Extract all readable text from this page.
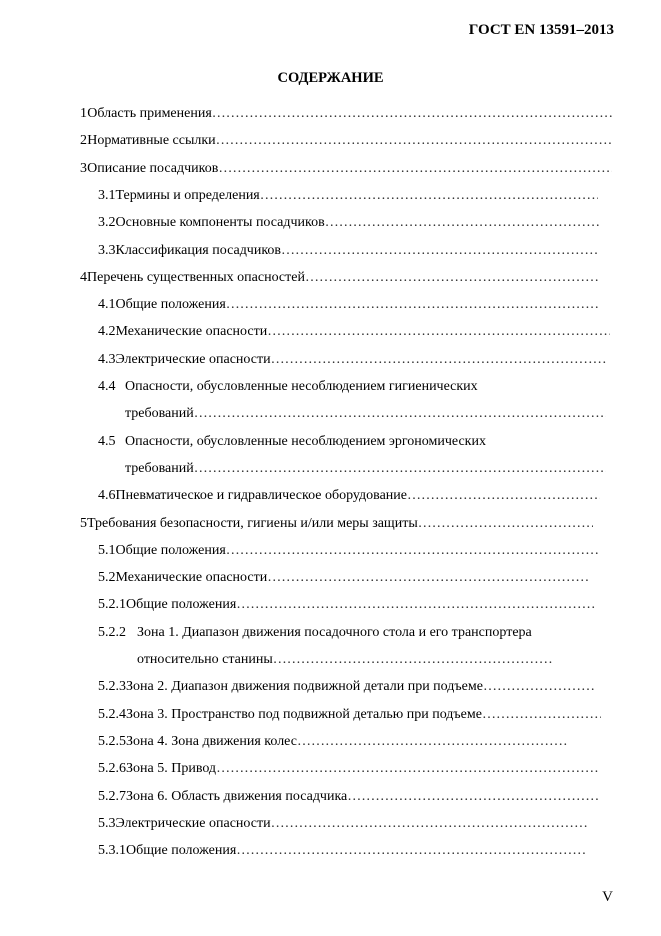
ГОСТ EN 13591–2013
СОДЕРЖАНИЕ
1 Область применения
…………………………………………………………………………………………………………………………………………………
2 Нормативные ссылки
…………………………………………………………………………………………………………………………………………………
3 Описание посадчиков
…………………………………………………………………………………………………………………………………………………
3.1 Термины и определения
…………………………………………………………………………………………………………………………………………………
3.2 Основные компоненты посадчиков
…………………………………………………………………………………………………………………………………………………
3.3 Классификация посадчиков
…………………………………………………………………………………………………………………………………………………
4 Перечень существенных опасностей
…………………………………………………………………………………………………………………………………………………
4.1 Общие положения
…………………………………………………………………………………………………………………………………………………
4.2 Механические опасности
…………………………………………………………………………………………………………………………………………………
4.3 Электрические опасности
…………………………………………………………………………………………………………………………………………………
4.4 Опасности, обусловленные несоблюдением гигиенических
требований
…………………………………………………………………………………………………………………………………………………
4.5 Опасности, обусловленные несоблюдением эргономических
требований
…………………………………………………………………………………………………………………………………………………
4.6 Пневматическое и гидравлическое оборудование
…………………………………………………………………………………………………………………………………………………
5 Требования безопасности, гигиены и/или меры защиты
…………………………………………………………………………………………………………………………………………………
5.1 Общие положения
…………………………………………………………………………………………………………………………………………………
5.2 Механические опасности
…………………………………………………………………………………………………………………………………………………
5.2.1 Общие положения
…………………………………………………………………………………………………………………………………………………
5.2.2 Зона 1. Диапазон движения посадочного стола и его транспортера
относительно станины
…………………………………………………………………………………………………………………………………………………
5.2.3 Зона 2. Диапазон движения подвижной детали при подъеме
…………………………………………………………………………………………………………………………………………………
5.2.4 Зона 3. Пространство под подвижной деталью при подъеме
…………………………………………………………………………………………………………………………………………………
5.2.5 Зона 4. Зона движения колес
…………………………………………………………………………………………………………………………………………………
5.2.6 Зона 5. Привод
…………………………………………………………………………………………………………………………………………………
5.2.7 Зона 6. Область движения посадчика
…………………………………………………………………………………………………………………………………………………
5.3 Электрические опасности
…………………………………………………………………………………………………………………………………………………
5.3.1 Общие положения
…………………………………………………………………………………………………………………………………………………
V
